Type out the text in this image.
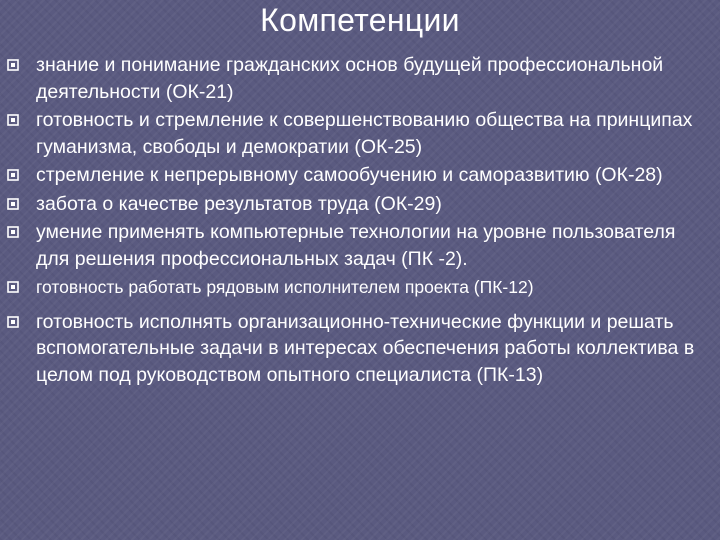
Компетенции
знание и понимание гражданских основ будущей профессиональной деятельности (ОК-21)
готовность и стремление к совершенствованию общества на принципах гуманизма, свободы и демократии (ОК-25)
стремление к непрерывному самообучению и саморазвитию (ОК-28)
забота о качестве результатов труда (ОК-29)
умение применять компьютерные технологии на уровне пользователя для решения профессиональных задач (ПК -2).
готовность работать рядовым исполнителем проекта (ПК-12)
готовность исполнять организационно-технические функции и решать вспомогательные задачи в интересах обеспечения работы коллектива в целом под руководством опытного специалиста (ПК-13)
